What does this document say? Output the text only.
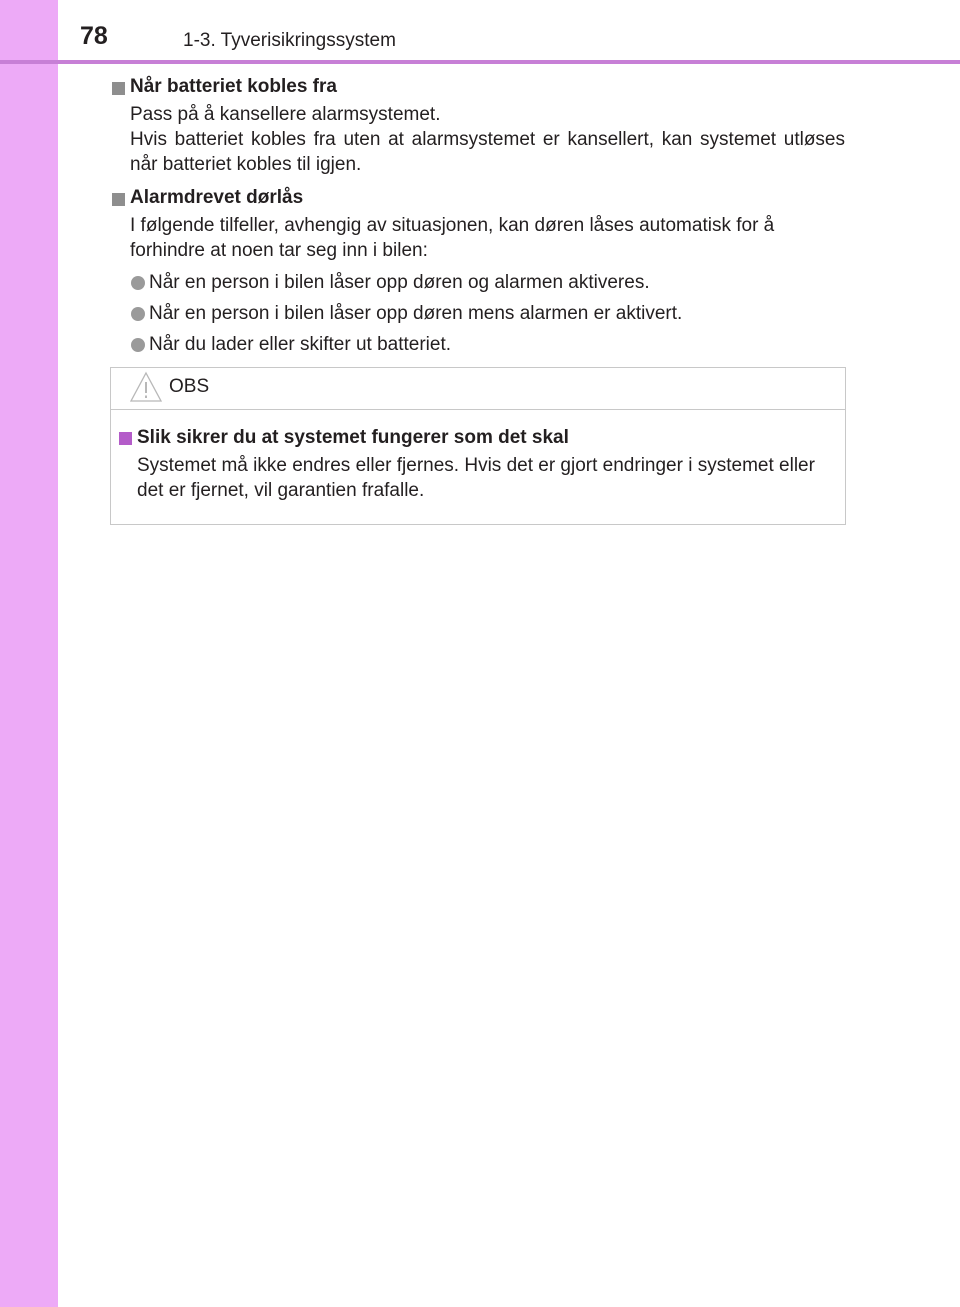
78	1-3. Tyverisikringssystem
Når batteriet kobles fra

Pass på å kansellere alarmsystemet.

Hvis batteriet kobles fra uten at alarmsystemet er kansellert, kan systemet utløses når batteriet kobles til igjen.

Alarmdrevet dørlås

I følgende tilfeller, avhengig av situasjonen, kan døren låses automatisk for å forhindre at noen tar seg inn i bilen:

Når en person i bilen låser opp døren og alarmen aktiveres.

Når en person i bilen låser opp døren mens alarmen er aktivert.

Når du lader eller skifter ut batteriet.

OBS
Slik sikrer du at systemet fungerer som det skal
Systemet må ikke endres eller fjernes. Hvis det er gjort endringer i systemet eller det er fjernet, vil garantien frafalle.
